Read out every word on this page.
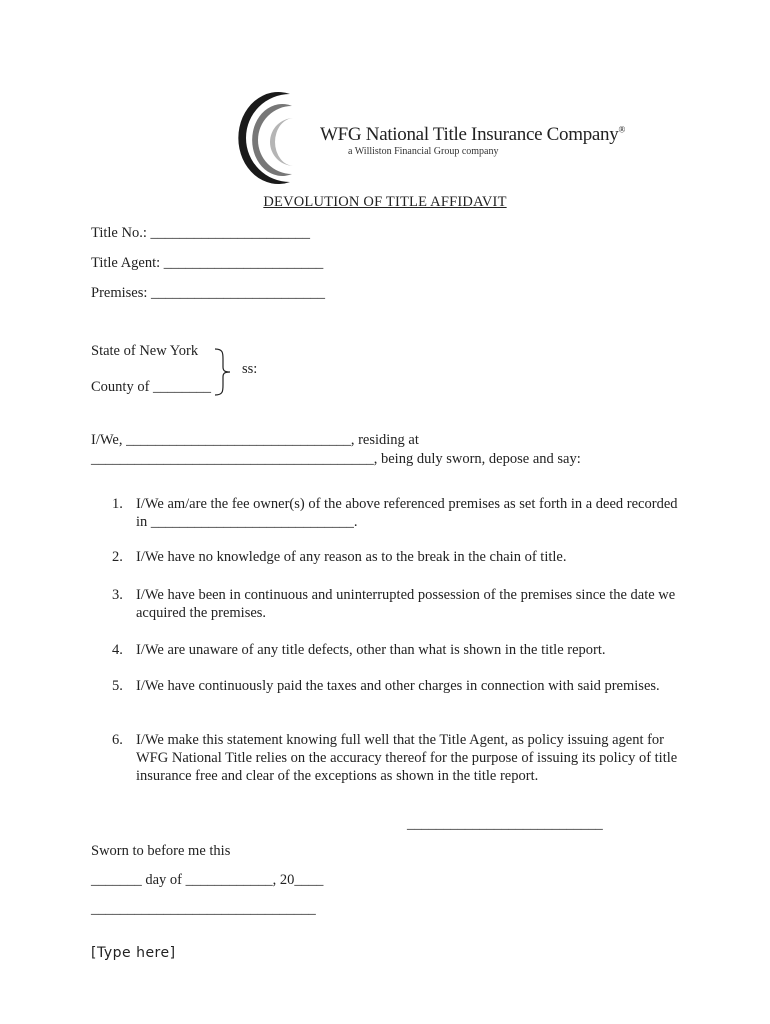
WFG National Title Insurance Company®
a Williston Financial Group company
DEVOLUTION OF TITLE AFFIDAVIT
Title No.: ______________________
Title Agent: ______________________
Premises: ________________________
State of New York
County of ________
ss:
I/We, _______________________________, residing at
_______________________________________, being duly sworn, depose and say:
1. I/We am/are the fee owner(s) of the above referenced premises as set forth in a deed recorded in ____________________________.
2. I/We have no knowledge of any reason as to the break in the chain of title.
3. I/We have been in continuous and uninterrupted possession of the premises since the date we acquired the premises.
4. I/We are unaware of any title defects, other than what is shown in the title report.
5. I/We have continuously paid the taxes and other charges in connection with said premises.
6. I/We make this statement knowing full well that the Title Agent, as policy issuing agent for WFG National Title relies on the accuracy thereof for the purpose of issuing its policy of title insurance free and clear of the exceptions as shown in the title report.
___________________________
Sworn to before me this
_______ day of ____________, 20____
_______________________________
[Type here]
